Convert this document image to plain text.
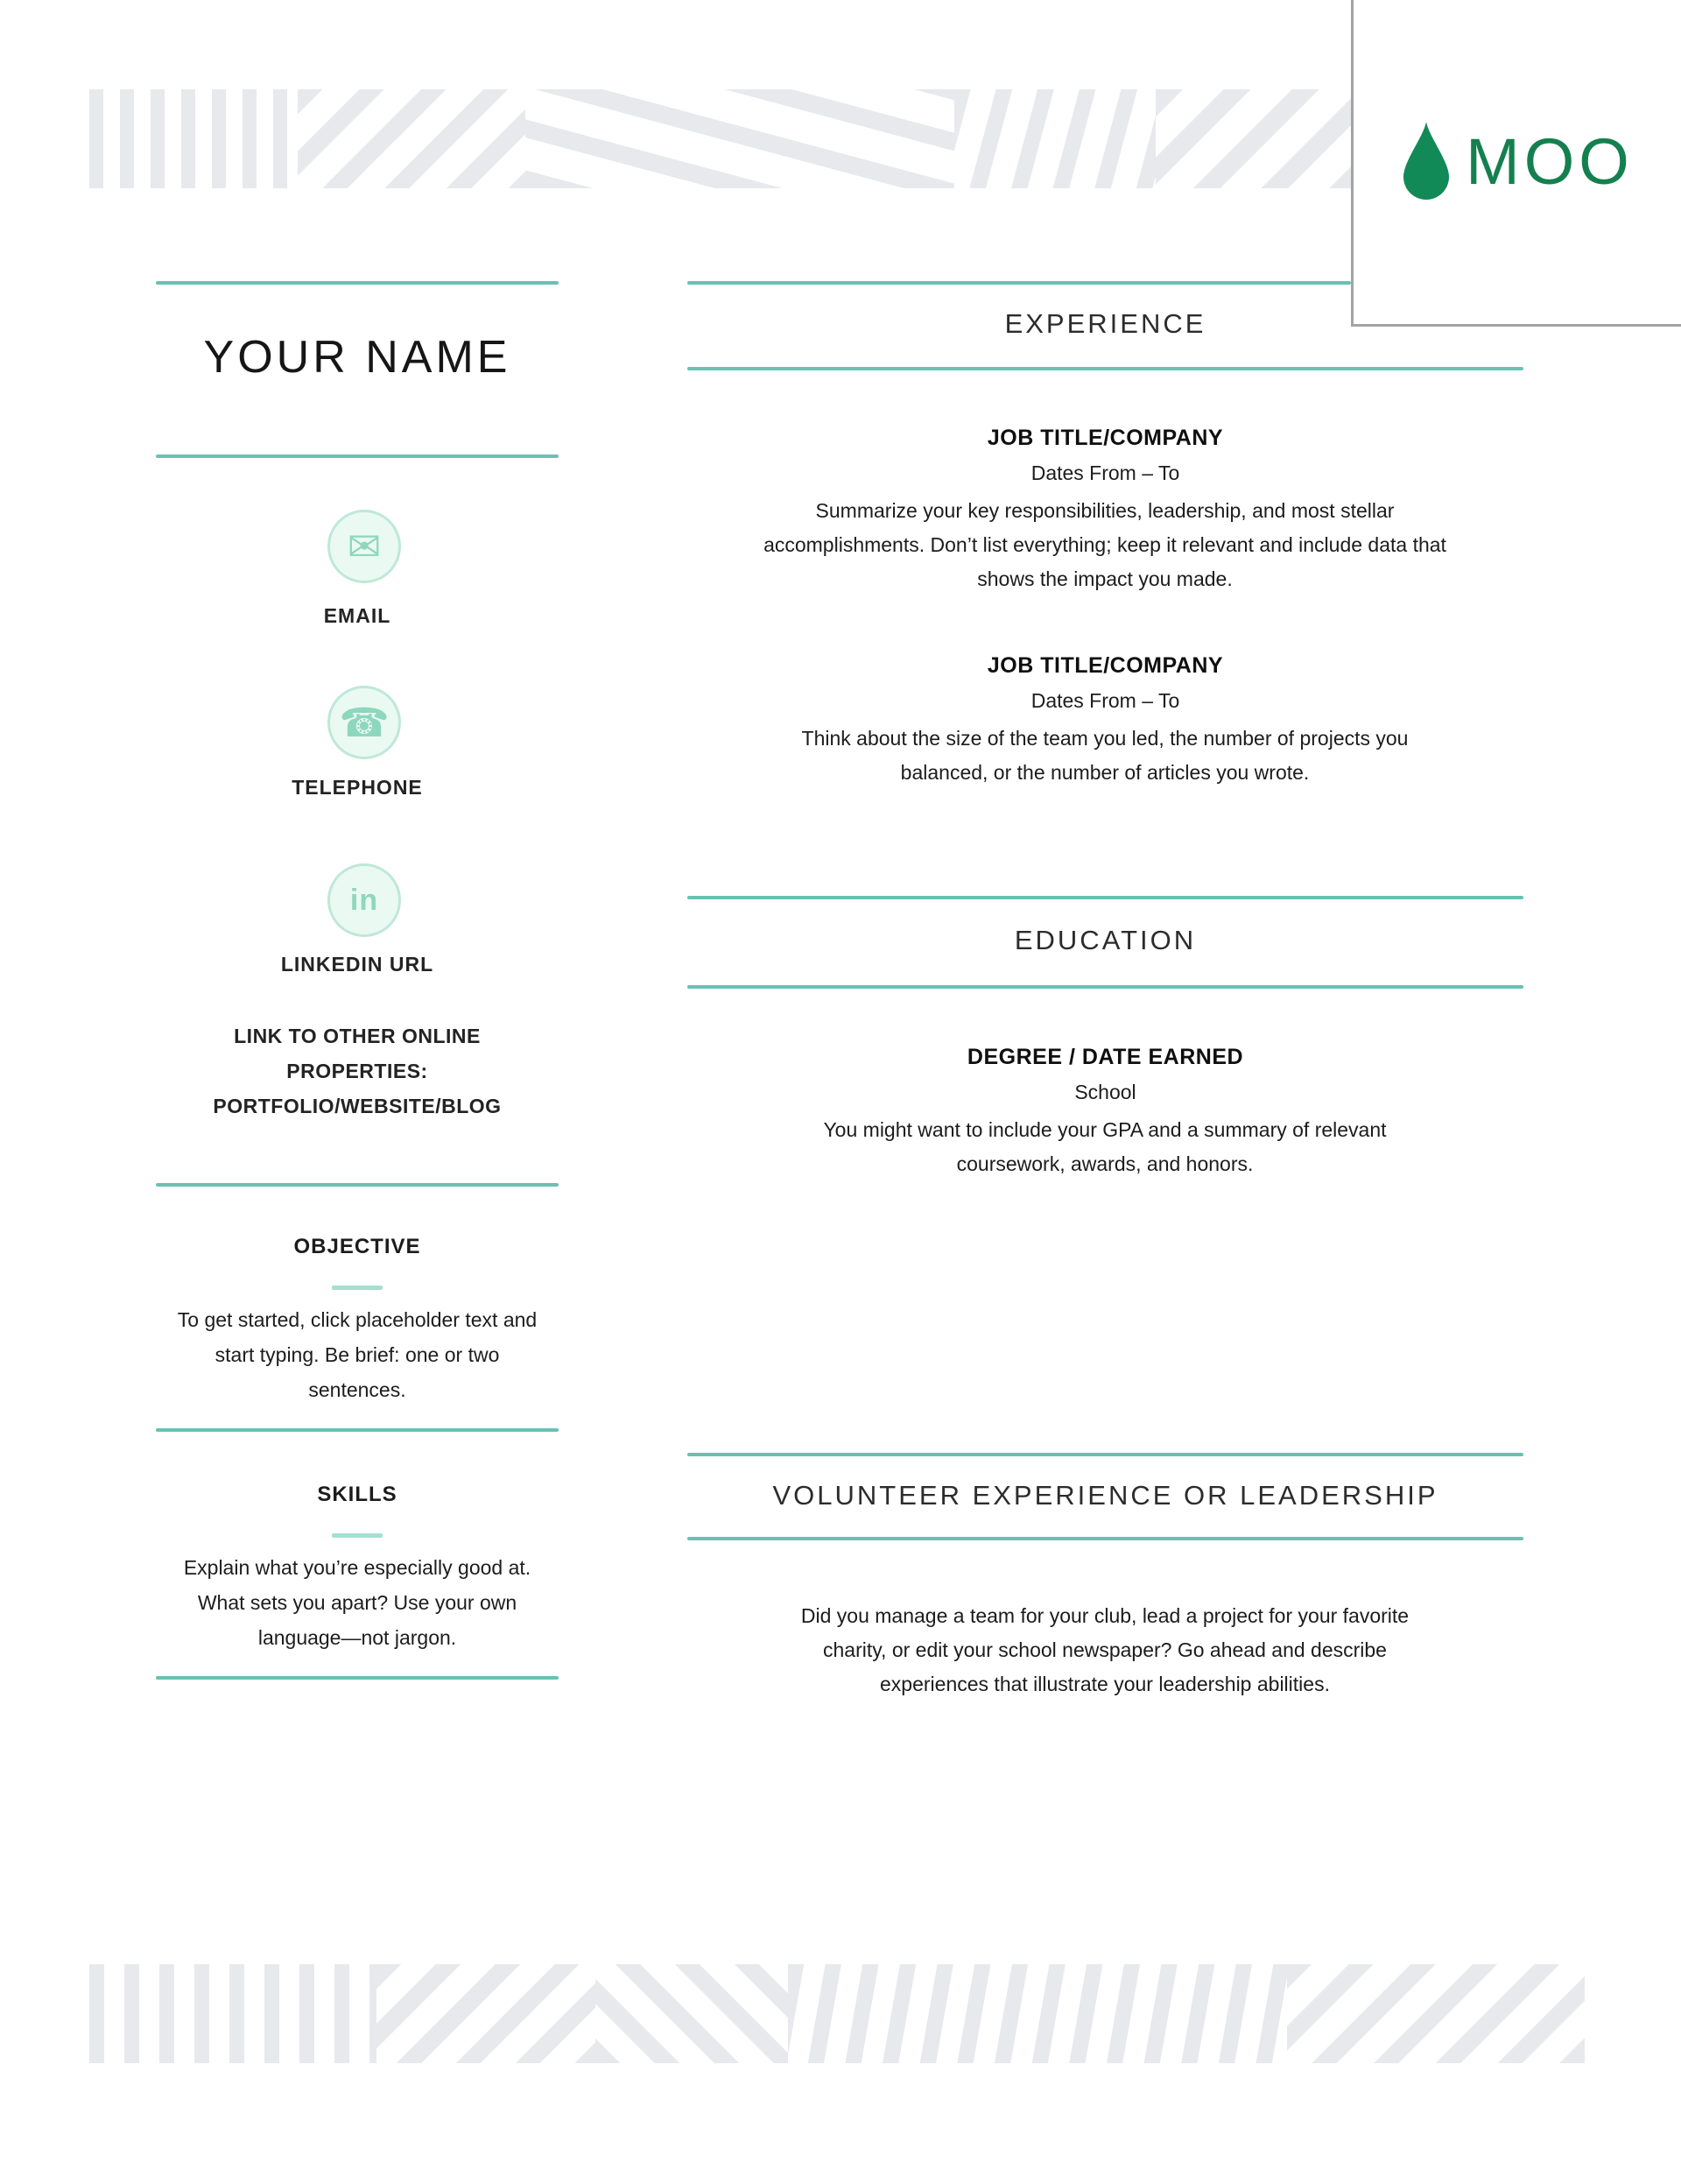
MOO
YOUR NAME
✉
EMAIL
☎
TELEPHONE
in
LINKEDIN URL
LINK TO OTHER ONLINE
PROPERTIES:
PORTFOLIO/WEBSITE/BLOG
OBJECTIVE
To get started, click placeholder text and start typing. Be brief: one or two sentences.
SKILLS
Explain what you’re especially good at. What sets you apart? Use your own language—not jargon.
EXPERIENCE
JOB TITLE/COMPANY
Dates From – To
Summarize your key responsibilities, leadership, and most stellar accomplishments. Don’t list everything; keep it relevant and include data that shows the impact you made.
JOB TITLE/COMPANY
Dates From – To
Think about the size of the team you led, the number of projects you balanced, or the number of articles you wrote.
EDUCATION
DEGREE / DATE EARNED
School
You might want to include your GPA and a summary of relevant coursework, awards, and honors.
VOLUNTEER EXPERIENCE OR LEADERSHIP
Did you manage a team for your club, lead a project for your favorite charity, or edit your school newspaper? Go ahead and describe experiences that illustrate your leadership abilities.
